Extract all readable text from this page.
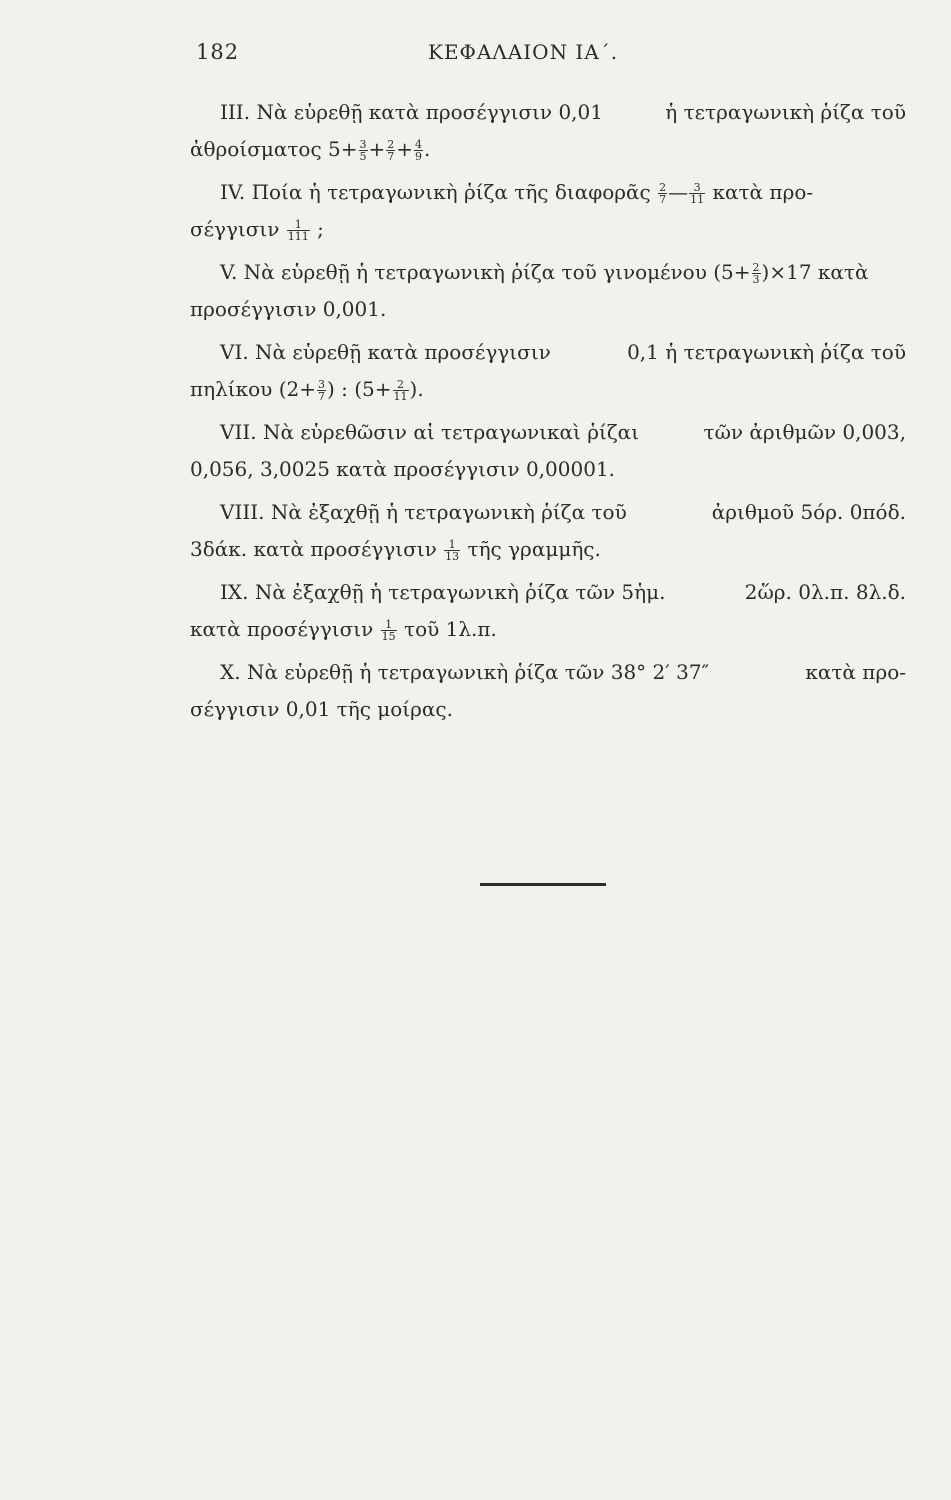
182	ΚΕΦΑΛΑΙΟΝ ΙΑ΄.
III. Νὰ εὑρεθῇ κατὰ προσέγγισιν 0,01	ἡ τετραγωνικὴ ῥίζα τοῦ
ἀθροίσματος $5+ \frac{3}{5} + \frac{2}{7} + \frac{4}{9}$ .
IV. Ποία ἡ τετραγωνικὴ ῥίζα τῆς διαφορᾶς $\frac{2}{7}$ — $\frac{3}{11}$ κατὰ προ-
σέγγισιν $\frac{1}{111}$ ;
V. Νὰ εὑρεθῇ ἡ τετραγωνικὴ ῥίζα τοῦ γινομένου $(5+ \frac{2}{3} )\times 17$ κατὰ
προσέγγισιν 0,001.
VI. Νὰ εὑρεθῇ κατὰ προσέγγισιν	0,1 ἡ τετραγωνικὴ ῥίζα τοῦ
πηλίκου ($2+ \frac{3}{7}$ ) : ($5+ \frac{2}{11}$ ).
VII. Νὰ εὑρεθῶσιν αἱ τετραγωνικαὶ ῥίζαι	τῶν ἀριθμῶν 0,003,
0,056, 3,0025 κατὰ προσέγγισιν 0,00001.
VIII. Νὰ ἐξαχθῇ ἡ τετραγωνικὴ ῥίζα τοῦ	ἀριθμοῦ 5όρ. 0πόδ.
3δάκ. κατὰ προσέγγισιν $\frac{1}{13}$ τῆς γραμμῆς.
IX. Νὰ ἐξαχθῇ ἡ τετραγωνικὴ ῥίζα τῶν 5ἡμ.	2ὥρ. 0λ.π. 8λ.δ.
κατὰ προσέγγισιν $\frac{1}{15}$ τοῦ 1λ.π.
X. Νὰ εὑρεθῇ ἡ τετραγωνικὴ ῥίζα τῶν 38° 2′ 37″	κατὰ προ-
σέγγισιν 0,01 τῆς μοίρας.
